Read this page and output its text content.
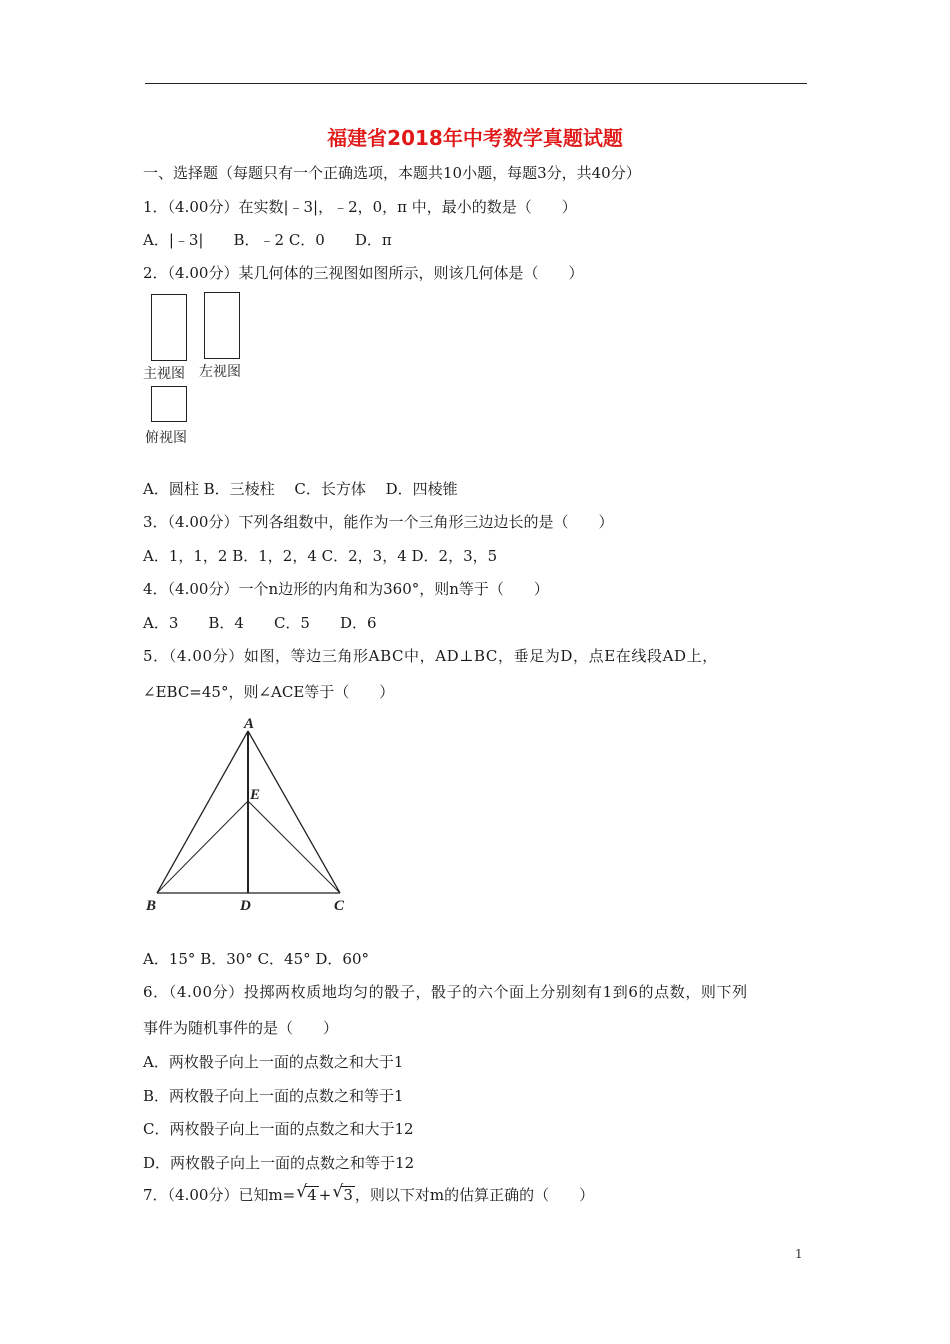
福建省2018年中考数学真题试题
一、选择题（每题只有一个正确选项，本题共10小题，每题3分，共40分）
1．（4.00分）在实数|﹣3|，﹣2，0，π 中，最小的数是（　　）
A．|﹣3|　　B．﹣2 C．0　　D．π
2．（4.00分）某几何体的三视图如图所示，则该几何体是（　　）
主视图 左视图
俯视图
A．圆柱 B．三棱柱　 C．长方体　 D．四棱锥
3．（4.00分）下列各组数中，能作为一个三角形三边边长的是（　　）
A．1，1，2 B．1，2，4 C．2，3，4 D．2，3，5
4．（4.00分）一个n边形的内角和为360°，则n等于（　　）
A．3　　B．4　　C．5　　D．6
5．（4.00分）如图，等边三角形ABC中，AD⊥BC，垂足为D，点E在线段AD上，
∠EBC=45°，则∠ACE等于（　　）
A
E
B	D	C
A．15° B．30° C．45° D．60°
6．（4.00分）投掷两枚质地均匀的骰子，骰子的六个面上分别刻有1到6的点数，则下列
事件为随机事件的是（　　）
A．两枚骰子向上一面的点数之和大于1
B．两枚骰子向上一面的点数之和等于1
C．两枚骰子向上一面的点数之和大于12
D．两枚骰子向上一面的点数之和等于12
7．（4.00分）已知m= √ 4 + √ 3 ，则以下对m的估算正确的（　　）
1
